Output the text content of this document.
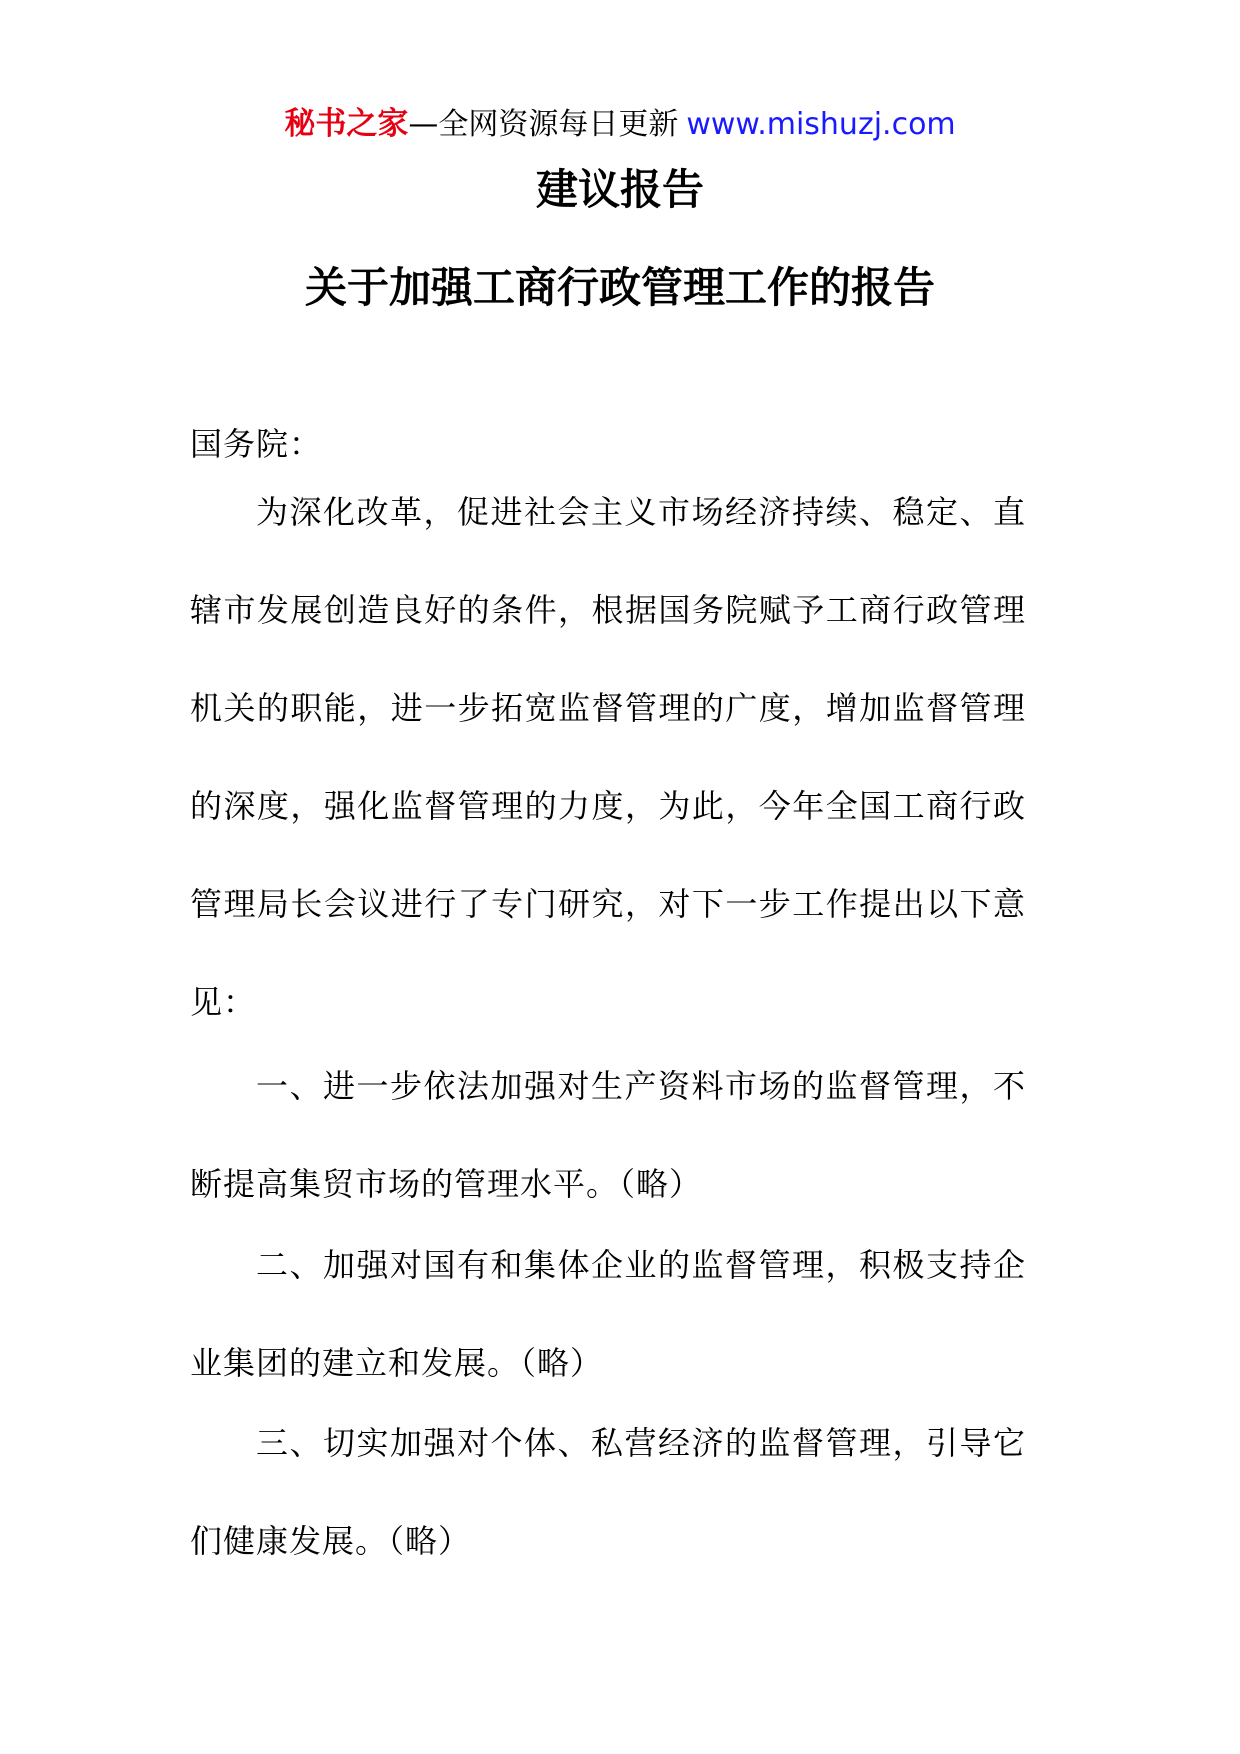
秘书之家—全网资源每日更新 www.mishuzj.com
建议报告
关于加强工商行政管理工作的报告
国务院：
为深化改革，促进社会主义市场经济持续、稳定、直辖市发展创造良好的条件，根据国务院赋予工商行政管理机关的职能，进一步拓宽监督管理的广度，增加监督管理的深度，强化监督管理的力度，为此，今年全国工商行政管理局长会议进行了专门研究，对下一步工作提出以下意见：
一、进一步依法加强对生产资料市场的监督管理，不断提高集贸市场的管理水平。（略）
二、加强对国有和集体企业的监督管理，积极支持企业集团的建立和发展。（略）
三、切实加强对个体、私营经济的监督管理，引导它们健康发展。（略）
